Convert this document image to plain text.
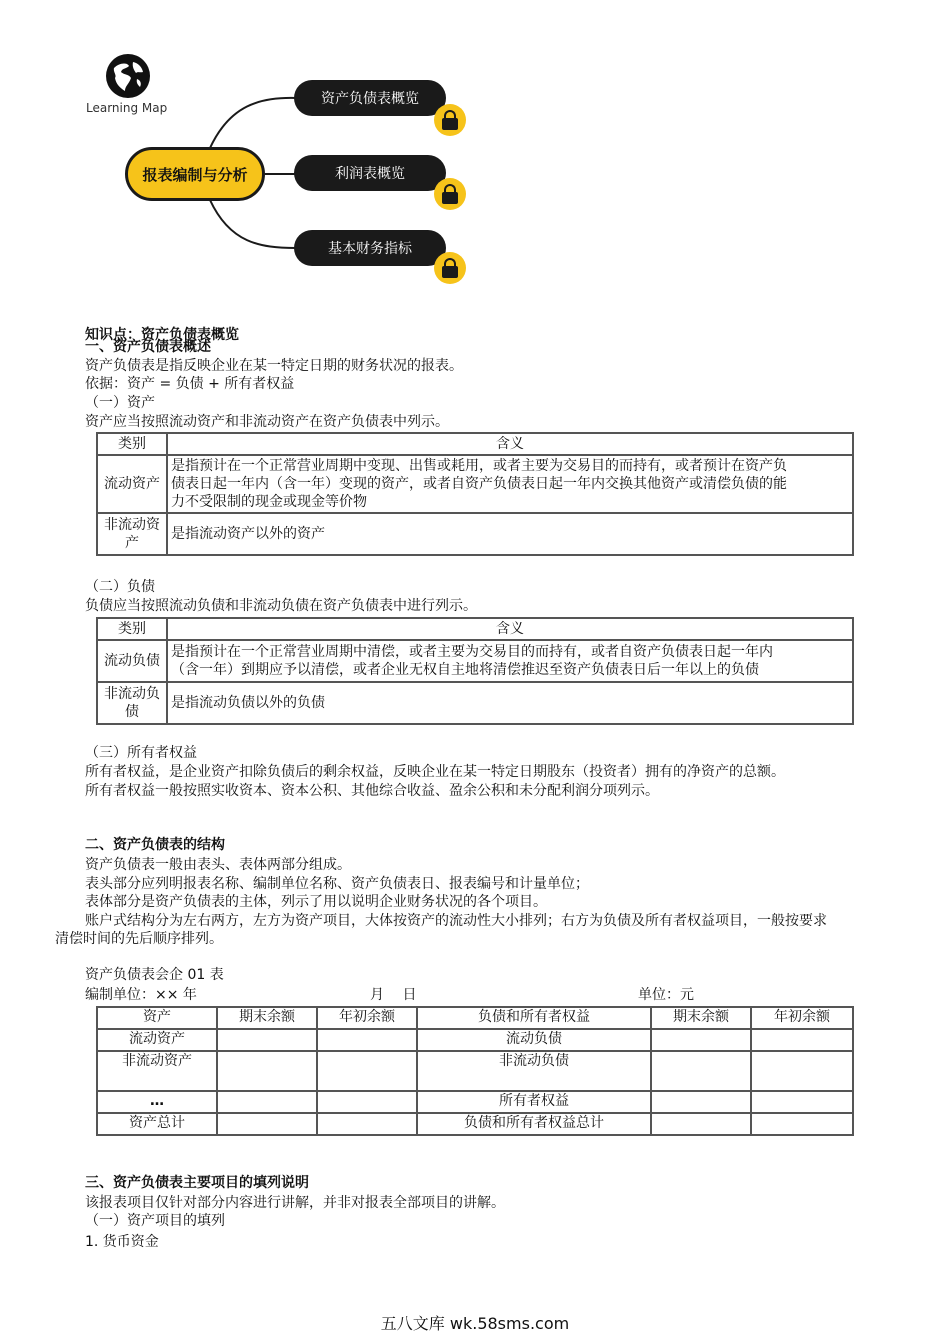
Learning Map
报表编制与分析
资产负债表概览
利润表概览
基本财务指标
知识点：资产负债表概览
一、资产负债表概述
资产负债表是指反映企业在某一特定日期的财务状况的报表。
依据：资产 = 负债 + 所有者权益
（一）资产
资产应当按照流动资产和非流动资产在资产负债表中列示。
类别	含义
流动资产	是指预计在一个正常营业周期中变现、出售或耗用，或者主要为交易目的而持有，或者预计在资产负
债表日起一年内（含一年）变现的资产，或者自资产负债表日起一年内交换其他资产或清偿负债的能
力不受限制的现金或现金等价物

非流动资
产	是指流动资产以外的资产
（二）负债
负债应当按照流动负债和非流动负债在资产负债表中进行列示。
类别	含义
流动负债	是指预计在一个正常营业周期中清偿，或者主要为交易目的而持有，或者自资产负债表日起一年内
（含一年）到期应予以清偿，或者企业无权自主地将清偿推迟至资产负债表日后一年以上的负债

非流动负
债	是指流动负债以外的负债
（三）所有者权益
所有者权益，是企业资产扣除负债后的剩余权益，反映企业在某一特定日期股东（投资者）拥有的净资产的总额。
所有者权益一般按照实收资本、资本公积、其他综合收益、盈余公积和未分配利润分项列示。
二、资产负债表的结构
资产负债表一般由表头、表体两部分组成。
表头部分应列明报表名称、编制单位名称、资产负债表日、报表编号和计量单位；
表体部分是资产负债表的主体，列示了用以说明企业财务状况的各个项目。
账户式结构分为左右两方，左方为资产项目，大体按资产的流动性大小排列；右方为负债及所有者权益项目，一般按要求
清偿时间的先后顺序排列。
资产负债表会企 01 表
编制单位：×× 年	月　 日	单位：元
资产	期末余额	年初余额	负债和所有者权益	期末余额	年初余额
流动资产			流动负债		
非流动资产			非流动负债		
…			所有者权益		
资产总计			负债和所有者权益总计		
三、资产负债表主要项目的填列说明
该报表项目仅针对部分内容进行讲解，并非对报表全部项目的讲解。
（一）资产项目的填列
1. 货币资金
五八文库 wk.58sms.com
